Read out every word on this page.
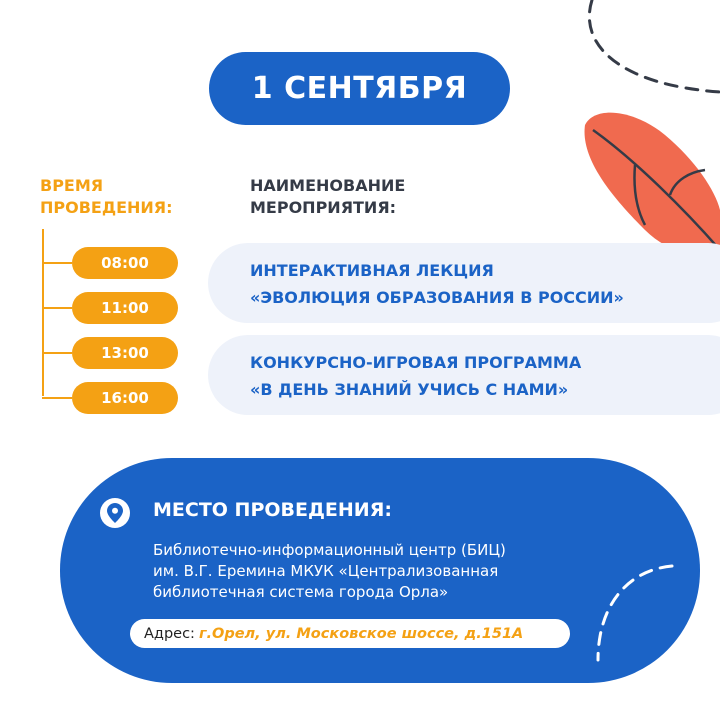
1 СЕНТЯБРЯ
ВРЕМЯ
ПРОВЕДЕНИЯ:
НАИМЕНОВАНИЕ
МЕРОПРИЯТИЯ:
08:00
11:00
13:00
16:00
ИНТЕРАКТИВНАЯ ЛЕКЦИЯ
«ЭВОЛЮЦИЯ ОБРАЗОВАНИЯ В РОССИИ»
КОНКУРСНО-ИГРОВАЯ ПРОГРАММА
«В ДЕНЬ ЗНАНИЙ УЧИСЬ С НАМИ»
МЕСТО ПРОВЕДЕНИЯ:
Библиотечно-информационный центр (БИЦ)
им. В.Г. Еремина МКУК «Централизованная
библиотечная система города Орла»
Адрес: г.Орел, ул. Московское шоссе, д.151А
